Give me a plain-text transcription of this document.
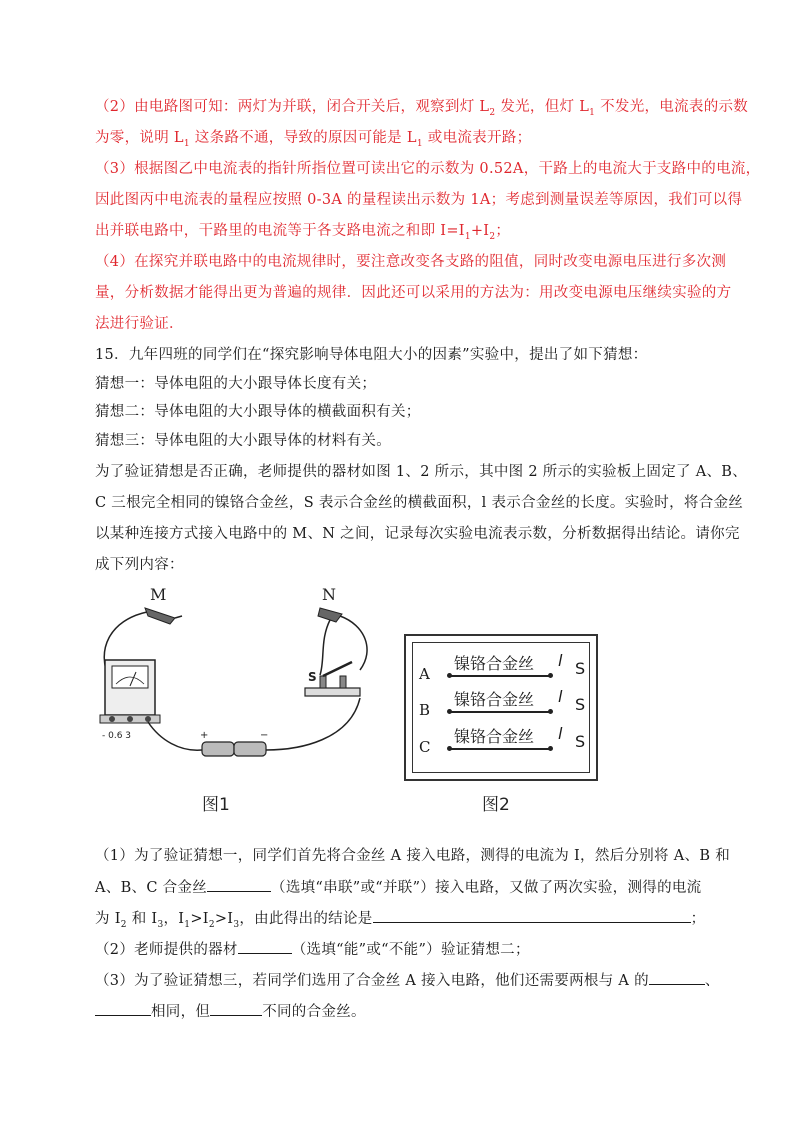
（2）由电路图可知：两灯为并联，闭合开关后，观察到灯 $L_2$ 发光，但灯 $L_1$ 不发光，电流表的示数
为零，说明 $L_1$ 这条路不通，导致的原因可能是 $L_1$ 或电流表开路；
（3）根据图乙中电流表的指针所指位置可读出它的示数为 0.52A，干路上的电流大于支路中的电流，
因此图丙中电流表的量程应按照 0-3A 的量程读出示数为 1A；考虑到测量误差等原因，我们可以得
出并联电路中，干路里的电流等于各支路电流之和即 $I=I_1+I_2$；
（4）在探究并联电路中的电流规律时，要注意改变各支路的阻值，同时改变电源电压进行多次测
量，分析数据才能得出更为普遍的规律．因此还可以采用的方法为：用改变电源电压继续实验的方
法进行验证．
15．九年四班的同学们在“探究影响导体电阻大小的因素”实验中，提出了如下猜想：
猜想一：导体电阻的大小跟导体长度有关；
猜想二：导体电阻的大小跟导体的横截面积有关；
猜想三：导体电阻的大小跟导体的材料有关。
为了验证猜想是否正确，老师提供的器材如图 1、2 所示，其中图 2 所示的实验板上固定了 A、B、
C 三根完全相同的镍铬合金丝，S 表示合金丝的横截面积，l 表示合金丝的长度。实验时，将合金丝
以某种连接方式接入电路中的 M、N 之间，记录每次实验电流表示数，分析数据得出结论。请你完
成下列内容：
M	N
- 0.6 3
S
+	−
图1
A
镍铬合金丝 l S
B
镍铬合金丝 l S
C
镍铬合金丝 l S
图2
（1）为了验证猜想一，同学们首先将合金丝 A 接入电路，测得的电流为 I，然后分别将 A、B 和
A、B、C 合金丝	（选填“串联”或“并联”）接入电路，又做了两次实验，测得的电流
为 $I_2$ 和 $I_3$，$I_1>I_2>I_3$，由此得出的结论是	；
（2）老师提供的器材	（选填“能”或“不能”）验证猜想二；
（3）为了验证猜想三，若同学们选用了合金丝 A 接入电路，他们还需要两根与 A 的	、
相同，但	不同的合金丝。
